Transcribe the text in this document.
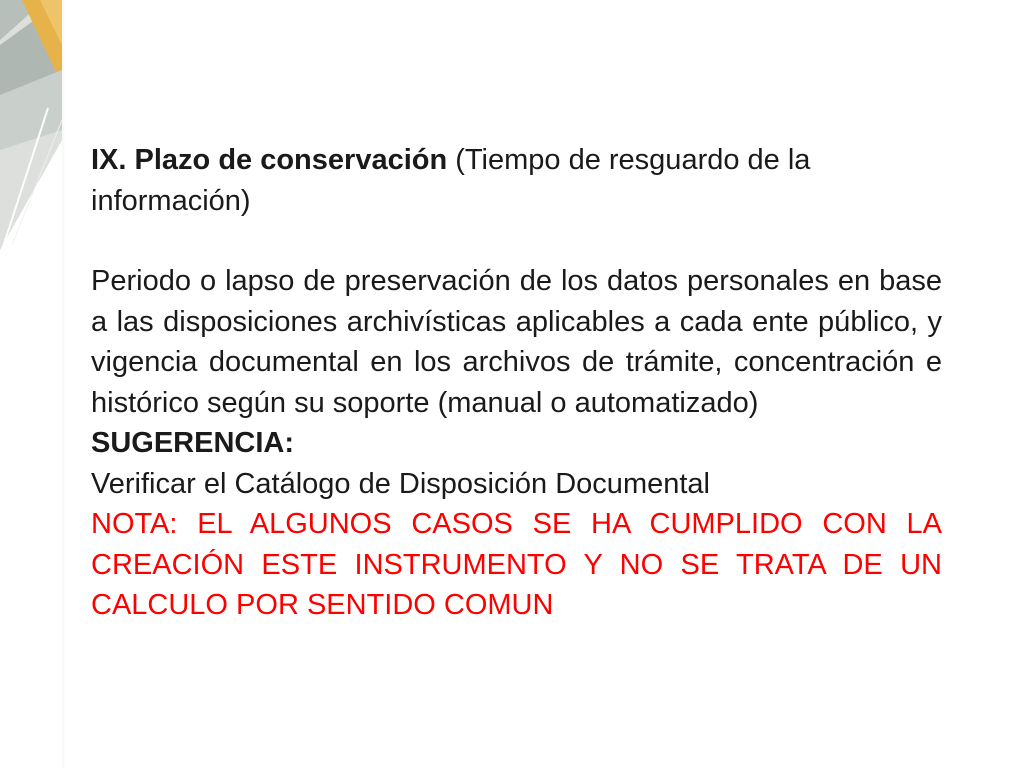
IX. Plazo de conservación (Tiempo de resguardo de la información)

Periodo o lapso de preservación de los datos personales en base a las disposiciones archivísticas aplicables a cada ente público, y vigencia documental en los archivos de trámite, concentración e histórico según su soporte (manual o automatizado)

SUGERENCIA:
Verificar el Catálogo de Disposición Documental

NOTA: EL ALGUNOS CASOS SE HA CUMPLIDO CON LA CREACIÓN ESTE INSTRUMENTO Y NO SE TRATA DE UN CALCULO POR SENTIDO COMUN
